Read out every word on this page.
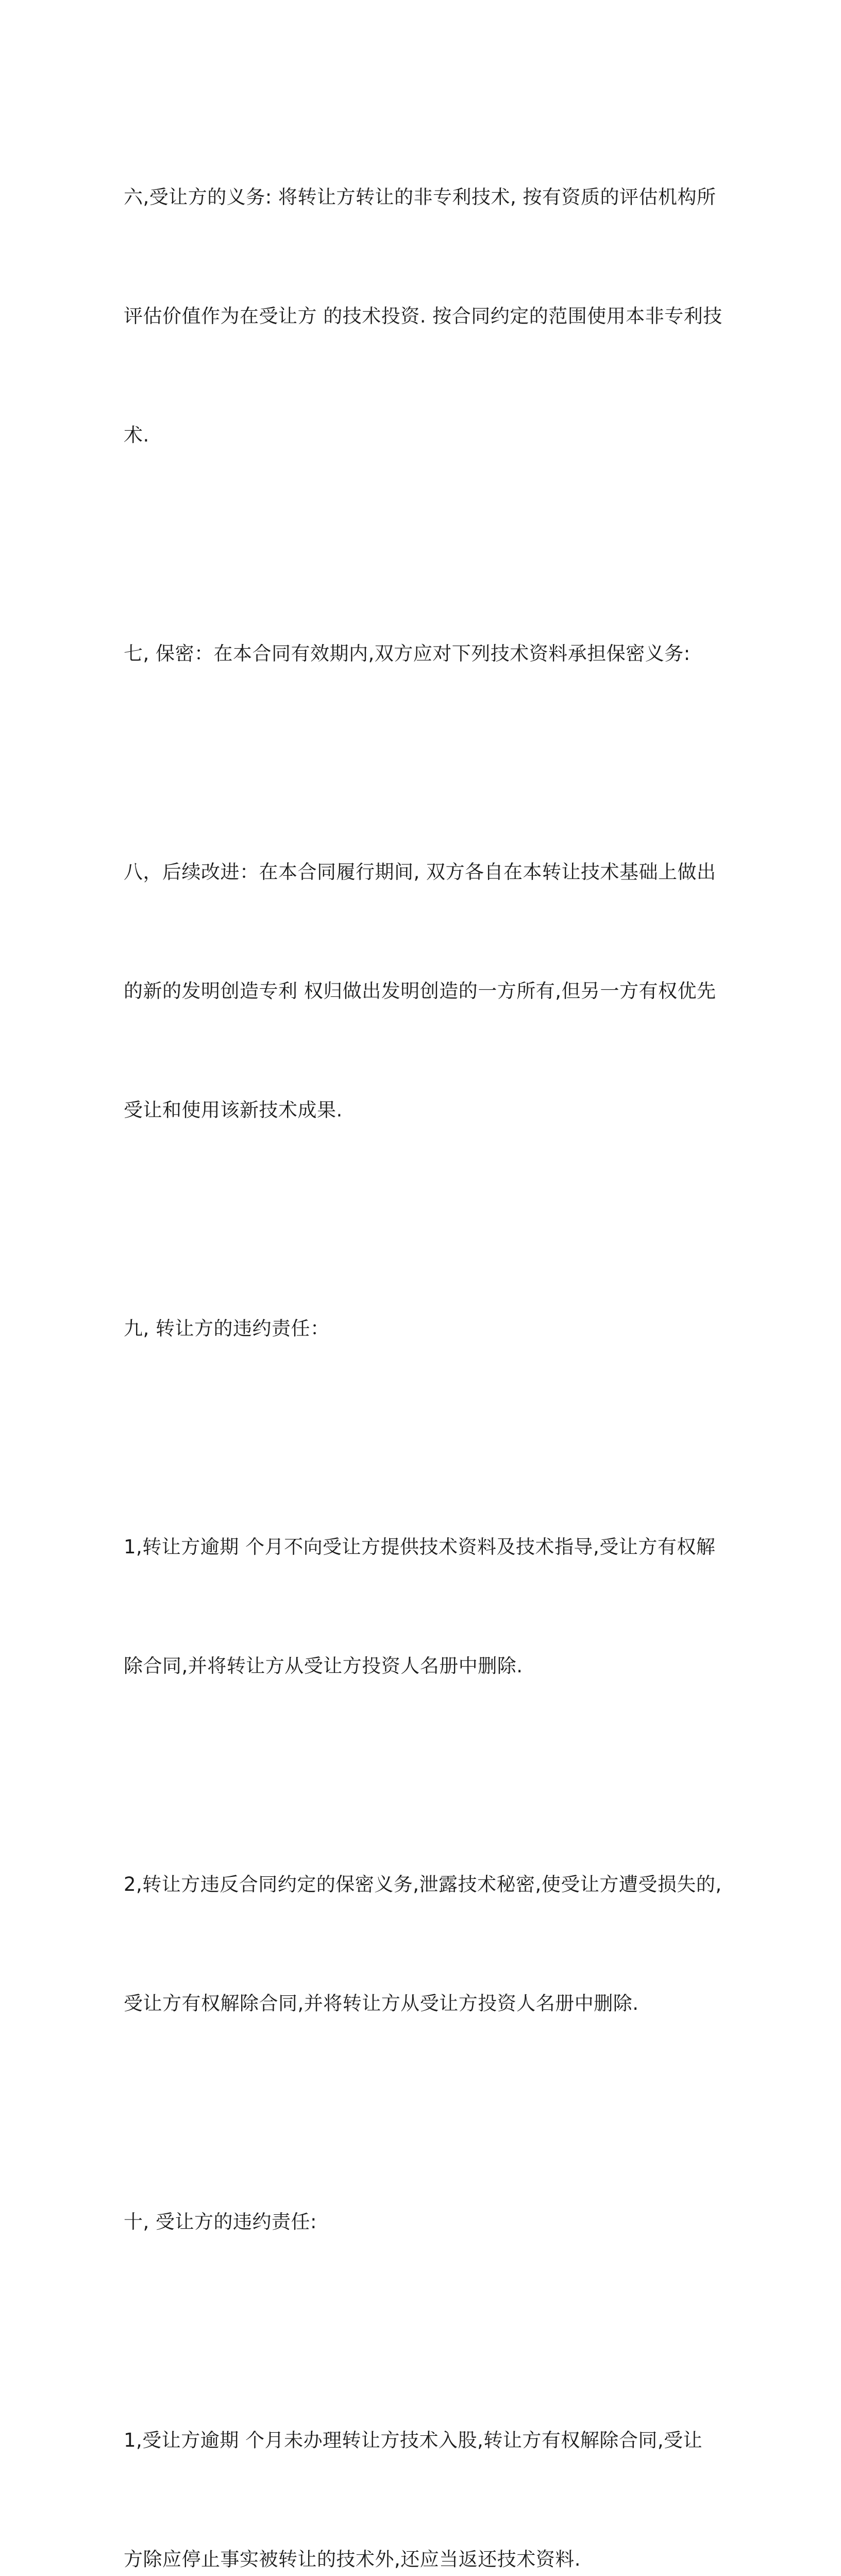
六,受让方的义务: 将转让方转让的非专利技术, 按有资质的评估机构所

评估价值作为在受让方 的技术投资. 按合同约定的范围使用本非专利技

术.

七, 保密：在本合同有效期内,双方应对下列技术资料承担保密义务:

八，后续改进：在本合同履行期间, 双方各自在本转让技术基础上做出

的新的发明创造专利 权归做出发明创造的一方所有,但另一方有权优先

受让和使用该新技术成果.

九, 转让方的违约责任：

1,转让方逾期 个月不向受让方提供技术资料及技术指导,受让方有权解

除合同,并将转让方从受让方投资人名册中删除.

2,转让方违反合同约定的保密义务,泄露技术秘密,使受让方遭受损失的,

受让方有权解除合同,并将转让方从受让方投资人名册中删除.

十, 受让方的违约责任:

1,受让方逾期 个月未办理转让方技术入股,转让方有权解除合同,受让

方除应停止事实被转让的技术外,还应当返还技术资料.
